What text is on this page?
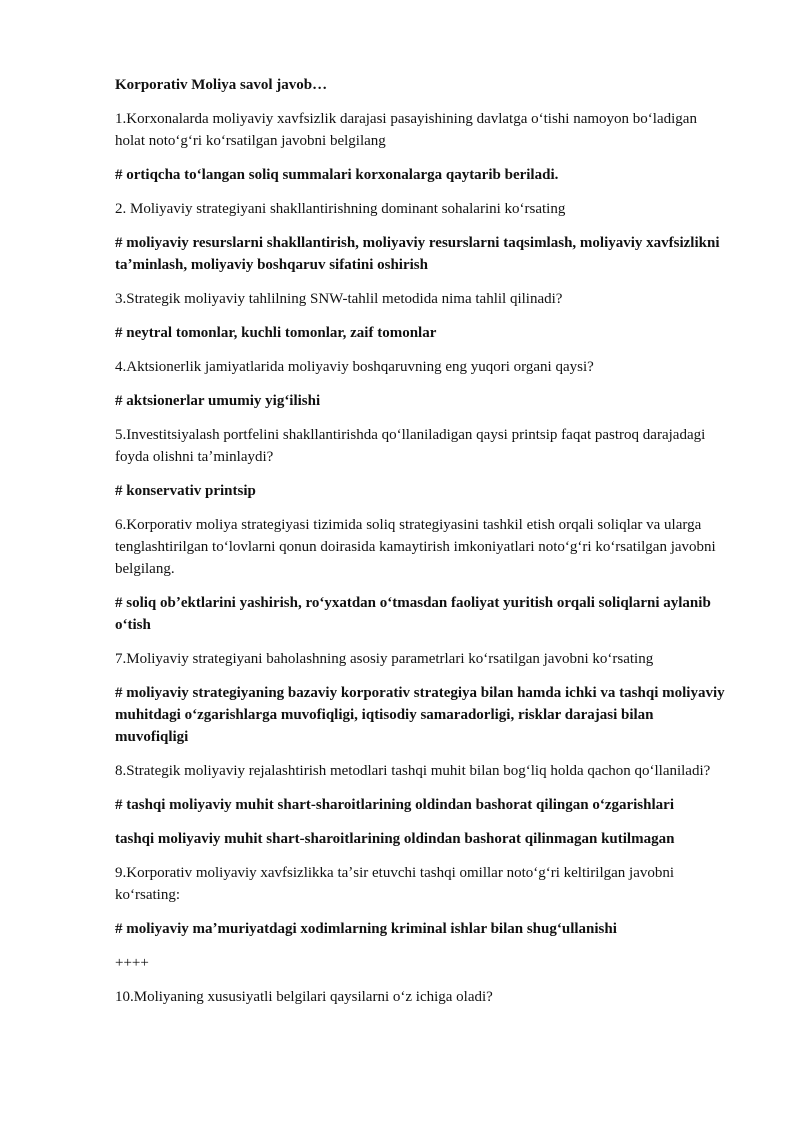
Korporativ Moliya savol javob…

1.Korxonalarda moliyaviy xavfsizlik darajasi pasayishining davlatga oʻtishi namoyon boʻladigan holat notoʻgʻri koʻrsatilgan javobni belgilang

# ortiqcha toʻlangan soliq summalari korxonalarga qaytarib beriladi.

2. Moliyaviy strategiyani shakllantirishning dominant sohalarini koʻrsating

# moliyaviy resurslarni shakllantirish, moliyaviy resurslarni taqsimlash, moliyaviy xavfsizlikni taʼminlash, moliyaviy boshqaruv sifatini oshirish

3.Strategik moliyaviy tahlilning SNW-tahlil metodida nima tahlil qilinadi?

# neytral tomonlar, kuchli tomonlar, zaif tomonlar

4.Aktsionerlik jamiyatlarida moliyaviy boshqaruvning eng yuqori organi qaysi?

# aktsionerlar umumiy yigʻilishi

5.Investitsiyalash portfelini shakllantirishda qoʻllaniladigan qaysi printsip faqat pastroq darajadagi foyda olishni taʼminlaydi?

# konservativ printsip

6.Korporativ moliya strategiyasi tizimida soliq strategiyasini tashkil etish orqali soliqlar va ularga tenglashtirilgan toʻlovlarni qonun doirasida kamaytirish imkoniyatlari notoʻgʻri koʻrsatilgan javobni belgilang.

# soliq obʼektlarini yashirish, roʻyxatdan oʻtmasdan faoliyat yuritish orqali soliqlarni aylanib oʻtish

7.Moliyaviy strategiyani baholashning asosiy parametrlari koʻrsatilgan javobni koʻrsating

# moliyaviy strategiyaning bazaviy korporativ strategiya bilan hamda ichki va tashqi moliyaviy muhitdagi oʻzgarishlarga muvofiqligi, iqtisodiy samaradorligi, risklar darajasi bilan muvofiqligi

8.Strategik moliyaviy rejalashtirish metodlari tashqi muhit bilan bogʻliq holda qachon qoʻllaniladi?

# tashqi moliyaviy muhit shart-sharoitlarining oldindan bashorat qilingan oʻzgarishlari

tashqi moliyaviy muhit shart-sharoitlarining oldindan bashorat qilinmagan kutilmagan

9.Korporativ moliyaviy xavfsizlikka taʼsir etuvchi tashqi omillar notoʻgʻri keltirilgan javobni koʻrsating:

# moliyaviy maʼmuriyatdagi xodimlarning kriminal ishlar bilan shugʻullanishi

++++

10.Moliyaning xususiyatli belgilari qaysilarni oʻz ichiga oladi?
